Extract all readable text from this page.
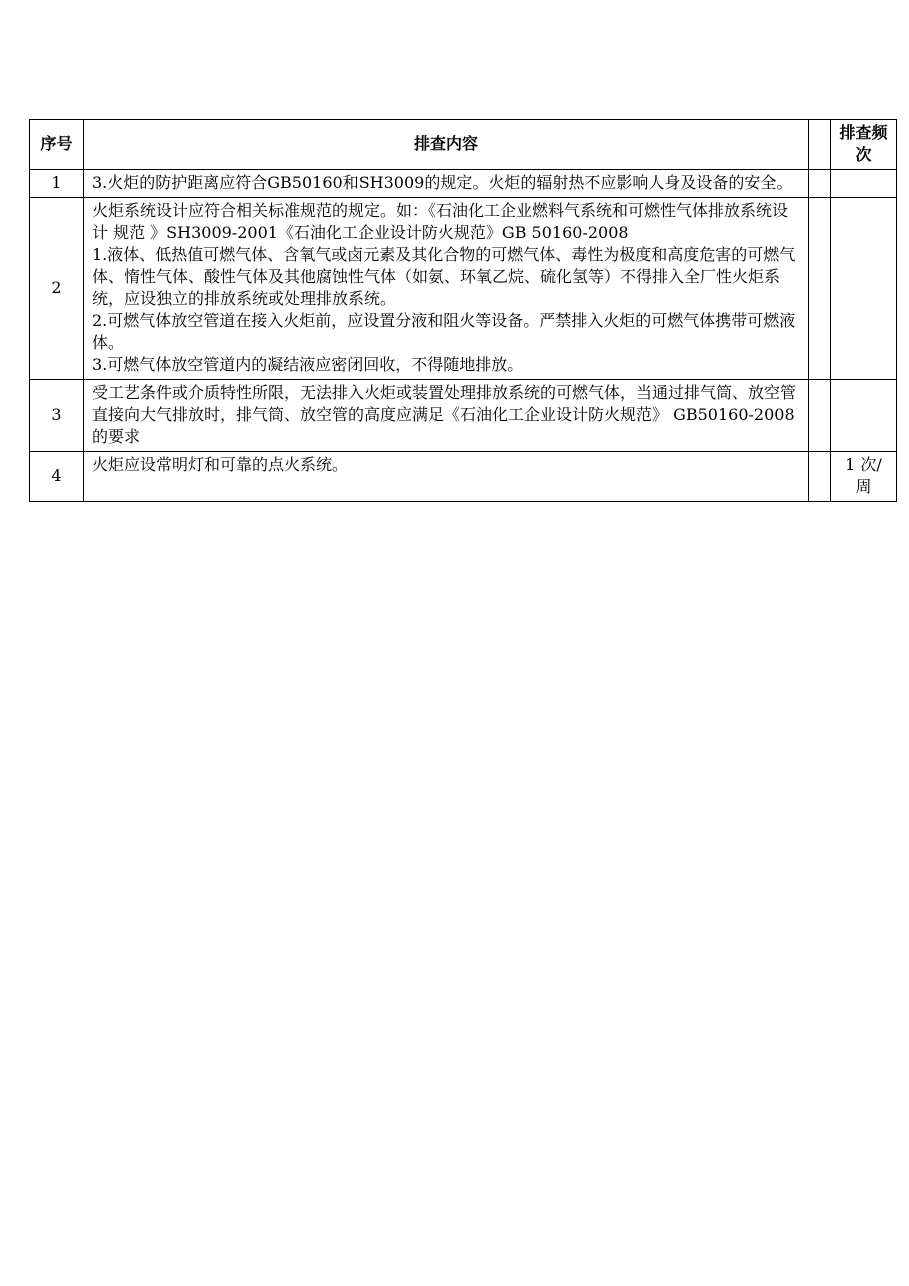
序号	排查内容		排查频次
1	3.火炬的防护距离应符合GB50160和SH3009的规定。火炬的辐射热不应影响人身及设备的安全。		

2	火炬系统设计应符合相关标准规范的规定。如：《石油化工企业燃料气系统和可燃性气体排放系统设计 规范 》SH3009-2001《石油化工企业设计防火规范》GB 50160-2008
1.液体、低热值可燃气体、含氧气或卤元素及其化合物的可燃气体、毒性为极度和高度危害的可燃气体、惰性气体、酸性气体及其他腐蚀性气体（如氨、环氧乙烷、硫化氢等）不得排入全厂性火炬系统，应设独立的排放系统或处理排放系统。
2.可燃气体放空管道在接入火炬前，应设置分液和阻火等设备。严禁排入火炬的可燃气体携带可燃液体。
3.可燃气体放空管道内的凝结液应密闭回收，不得随地排放。		

3	受工艺条件或介质特性所限，无法排入火炬或装置处理排放系统的可燃气体，当通过排气筒、放空管直接向大气排放时，排气筒、放空管的高度应满足《石油化工企业设计防火规范》 GB50160-2008 的要求		

4	火炬应设常明灯和可靠的点火系统。		1 次/周
